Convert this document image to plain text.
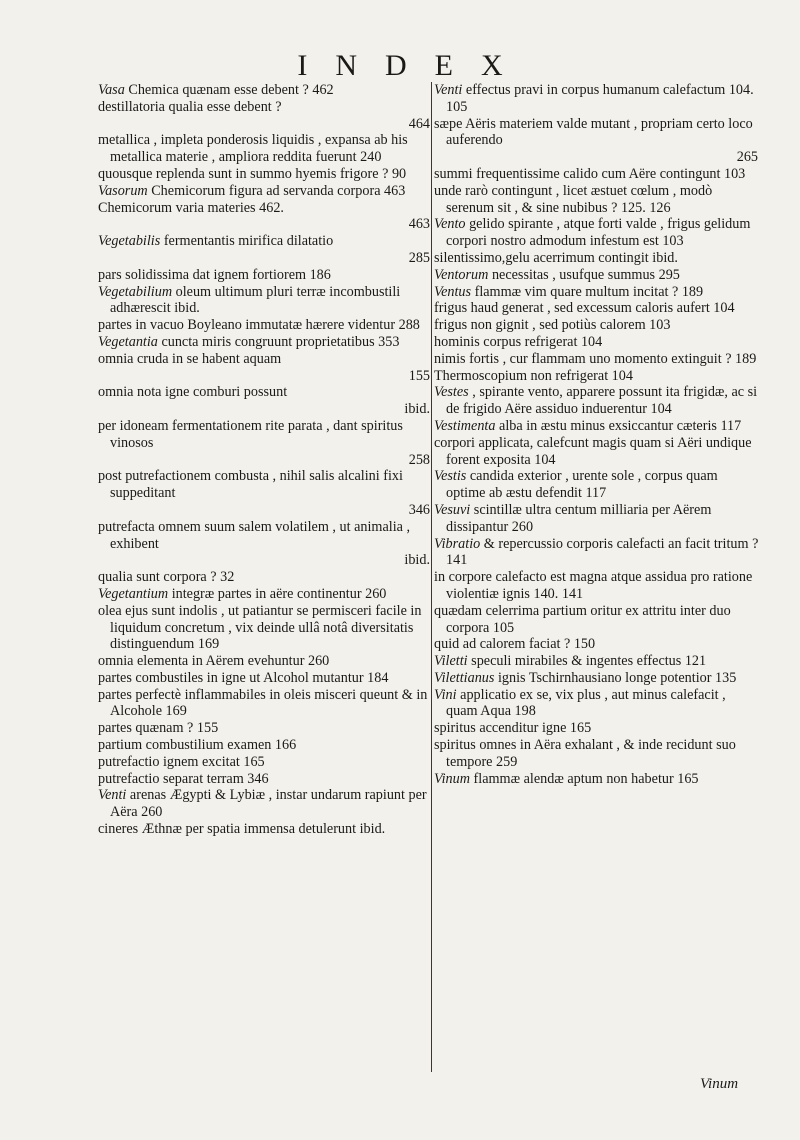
INDEX
Vasa Chemica quænam esse debent ? 462
destillatoria qualia esse debent ?
464
metallica , impleta ponderosis liquidis , expansa ab his metallica materie , ampliora reddita fuerunt 240
quousque replenda sunt in summo hyemis frigore ? 90
Vasorum Chemicorum figura ad servanda corpora 463
Chemicorum varia materies 462.
463
Vegetabilis fermentantis mirifica dilatatio
285
pars solidissima dat ignem fortiorem 186
Vegetabilium oleum ultimum pluri terræ incombustili adhærescit ibid.
partes in vacuo Boyleano immutatæ hærere videntur 288
Vegetantia cuncta miris congruunt proprietatibus 353
omnia cruda in se habent aquam
155
omnia nota igne comburi possunt
ibid.
per idoneam fermentationem rite parata , dant spiritus vinosos
258
post putrefactionem combusta , nihil salis alcalini fixi suppeditant
346
putrefacta omnem suum salem volatilem , ut animalia , exhibent
ibid.
qualia sunt corpora ? 32
Vegetantium integræ partes in aëre continentur 260
olea ejus sunt indolis , ut patiantur se permisceri facile in liquidum concretum , vix deinde ullâ notâ diversitatis distinguendum 169
omnia elementa in Aërem evehuntur 260
partes combustiles in igne ut Alcohol mutantur 184
partes perfectè inflammabiles in oleis misceri queunt & in Alcohole 169
partes quænam ? 155
partium combustilium examen 166
putrefactio ignem excitat 165
putrefactio separat terram 346
Venti arenas Ægypti & Lybiæ , instar undarum rapiunt per Aëra 260
cineres Æthnæ per spatia immensa detulerunt ibid.
Venti effectus pravi in corpus humanum calefactum 104. 105
sæpe Aëris materiem valde mutant , propriam certo loco auferendo
265
summi frequentissime calido cum Aëre contingunt 103
unde rarò contingunt , licet æstuet cœlum , modò serenum sit , & sine nubibus ? 125. 126
Vento gelido spirante , atque forti valde , frigus gelidum corpori nostro admodum infestum est 103
silentissimo,gelu acerrimum contingit ibid.
Ventorum necessitas , usufque summus 295
Ventus flammæ vim quare multum incitat ? 189
frigus haud generat , sed excessum caloris aufert 104
frigus non gignit , sed potiùs calorem 103
hominis corpus refrigerat 104
nimis fortis , cur flammam uno momento extinguit ? 189
Thermoscopium non refrigerat 104
Vestes , spirante vento, apparere possunt ita frigidæ, ac si de frigido Aëre assiduo induerentur 104
Vestimenta alba in æstu minus exsiccantur cæteris 117
corpori applicata, calefcunt magis quam si Aëri undique forent exposita 104
Vestis candida exterior , urente sole , corpus quam optime ab æstu defendit 117
Vesuvi scintillæ ultra centum milliaria per Aërem dissipantur 260
Vibratio & repercussio corporis calefacti an facit tritum ? 141
in corpore calefacto est magna atque assidua pro ratione violentiæ ignis 140. 141
quædam celerrima partium oritur ex attritu inter duo corpora 105
quid ad calorem faciat ? 150
Viletti speculi mirabiles & ingentes effectus 121
Vilettianus ignis Tschirnhausiano longe potentior 135
Vini applicatio ex se, vix plus , aut minus calefacit , quam Aqua 198
spiritus accenditur igne 165
spiritus omnes in Aëra exhalant , & inde recidunt suo tempore 259
Vinum flammæ alendæ aptum non habetur 165
Vinum
